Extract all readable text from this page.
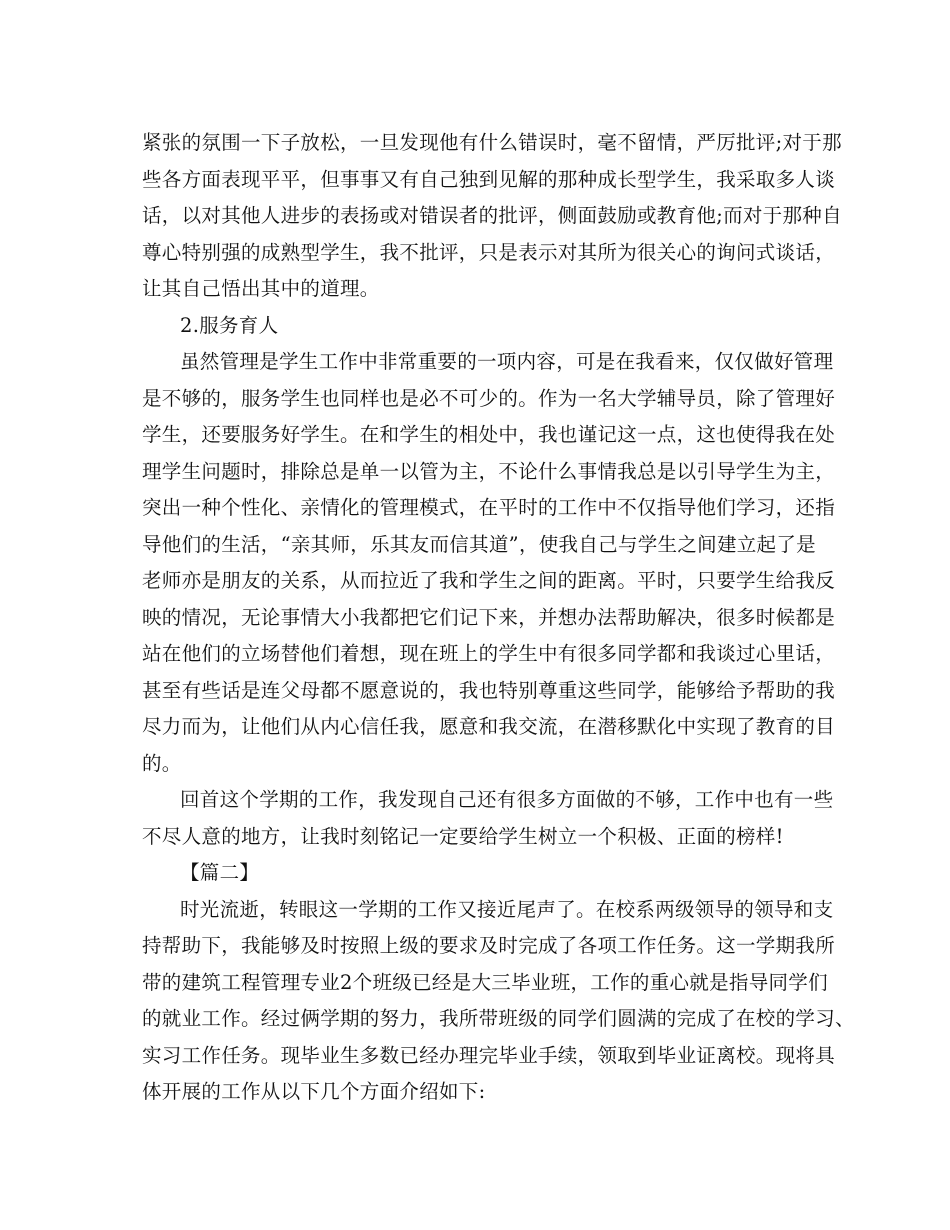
紧张的氛围一下子放松，一旦发现他有什么错误时，毫不留情，严厉批评;对于那
些各方面表现平平，但事事又有自己独到见解的那种成长型学生，我采取多人谈
话，以对其他人进步的表扬或对错误者的批评，侧面鼓励或教育他;而对于那种自
尊心特别强的成熟型学生，我不批评，只是表示对其所为很关心的询问式谈话，
让其自己悟出其中的道理。
2.服务育人
虽然管理是学生工作中非常重要的一项内容，可是在我看来，仅仅做好管理
是不够的，服务学生也同样也是必不可少的。作为一名大学辅导员，除了管理好
学生，还要服务好学生。在和学生的相处中，我也谨记这一点，这也使得我在处
理学生问题时，排除总是单一以管为主，不论什么事情我总是以引导学生为主，
突出一种个性化、亲情化的管理模式，在平时的工作中不仅指导他们学习，还指
导他们的生活，“亲其师，乐其友而信其道”，使我自己与学生之间建立起了是
老师亦是朋友的关系，从而拉近了我和学生之间的距离。平时，只要学生给我反
映的情况，无论事情大小我都把它们记下来，并想办法帮助解决，很多时候都是
站在他们的立场替他们着想，现在班上的学生中有很多同学都和我谈过心里话，
甚至有些话是连父母都不愿意说的，我也特别尊重这些同学，能够给予帮助的我
尽力而为，让他们从内心信任我，愿意和我交流，在潜移默化中实现了教育的目
的。
回首这个学期的工作，我发现自己还有很多方面做的不够，工作中也有一些
不尽人意的地方，让我时刻铭记一定要给学生树立一个积极、正面的榜样!
【篇二】
时光流逝，转眼这一学期的工作又接近尾声了。在校系两级领导的领导和支
持帮助下，我能够及时按照上级的要求及时完成了各项工作任务。这一学期我所
带的建筑工程管理专业2个班级已经是大三毕业班，工作的重心就是指导同学们
的就业工作。经过俩学期的努力，我所带班级的同学们圆满的完成了在校的学习、
实习工作任务。现毕业生多数已经办理完毕业手续，领取到毕业证离校。现将具
体开展的工作从以下几个方面介绍如下:
